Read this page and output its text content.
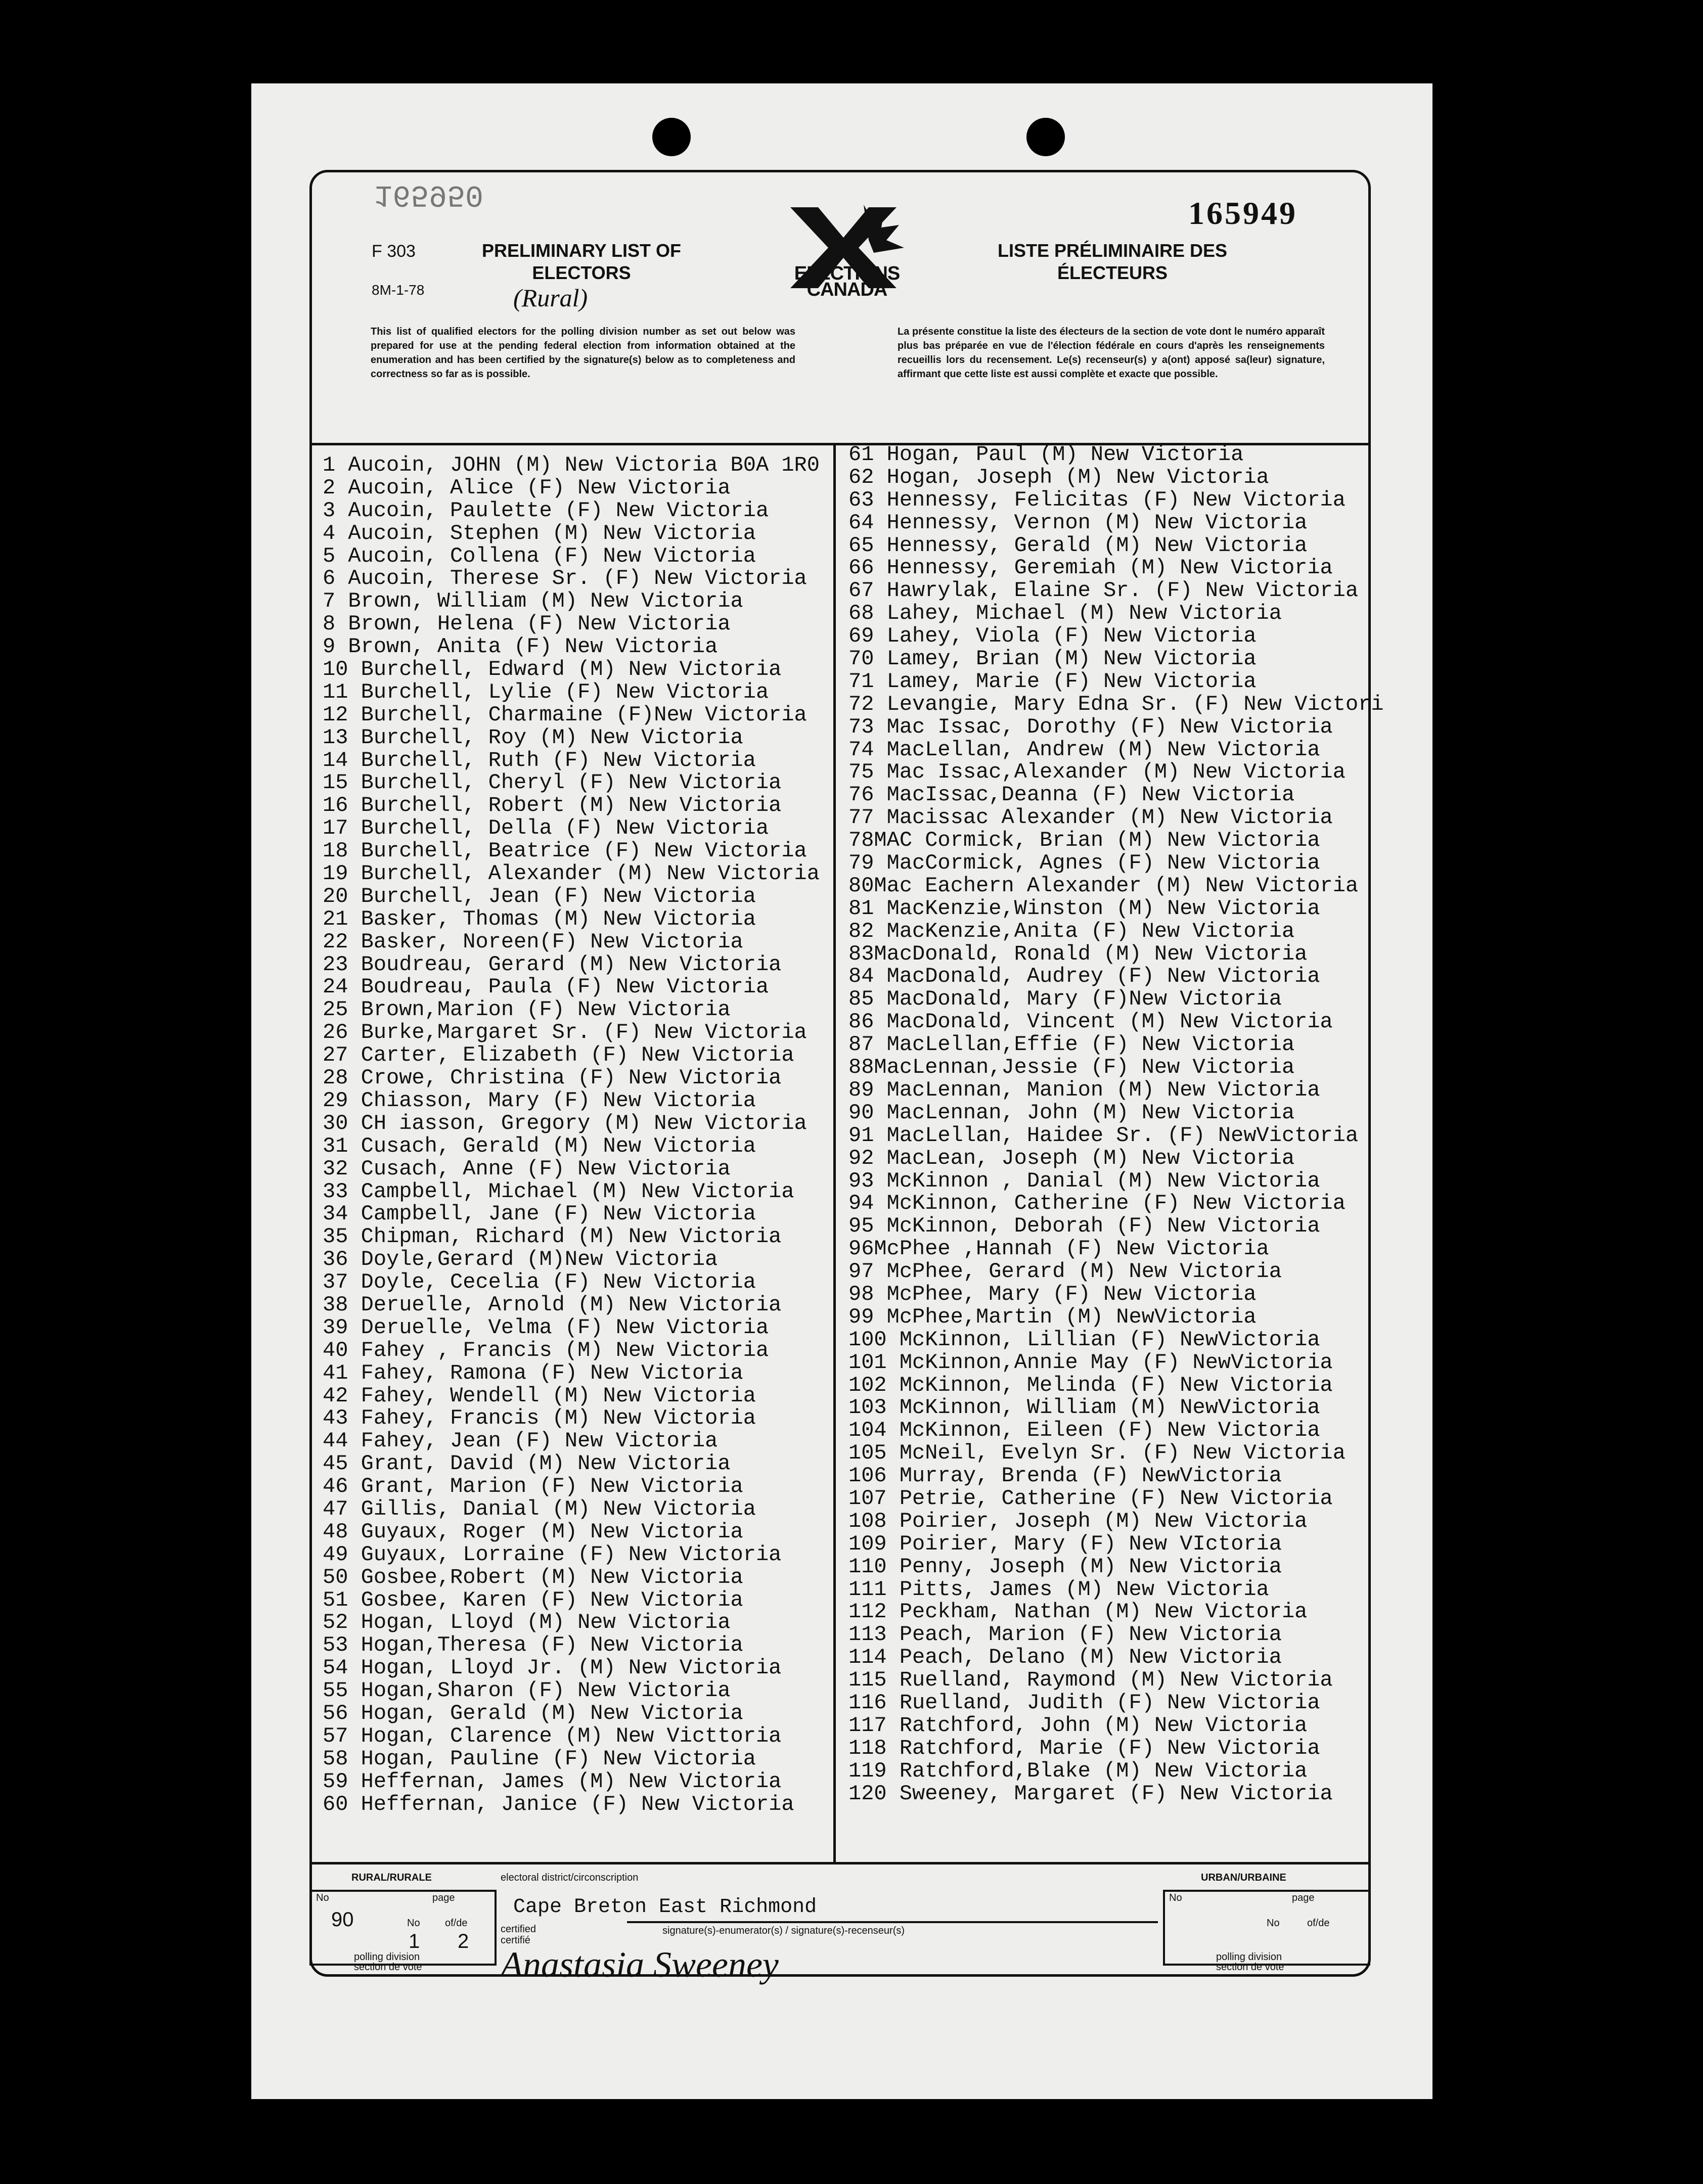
165950
165949
F 303
8M-1-78
PRELIMINARY LIST OF ELECTORS
LISTE PRÉLIMINAIRE DES ÉLECTEURS
(Rural)
ELECTIONS CANADA
This list of qualified electors for the polling division number as set out below was prepared for use at the pending federal election from information obtained at the enumeration and has been certified by the signature(s) below as to completeness and correctness so far as is possible.
La présente constitue la liste des électeurs de la section de vote dont le numéro apparaît plus bas préparée en vue de l'élection fédérale en cours d'après les renseignements recueillis lors du recensement. Le(s) recenseur(s) y a(ont) apposé sa(leur) signature, affirmant que cette liste est aussi complète et exacte que possible.
1 Aucoin, JOHN (M) New Victoria B0A 1R0
2 Aucoin, Alice (F) New Victoria
3 Aucoin, Paulette (F) New Victoria
4 Aucoin, Stephen (M) New Victoria
5 Aucoin, Collena (F) New Victoria
6 Aucoin, Therese Sr. (F) New Victoria
7 Brown, William (M) New Victoria
8 Brown, Helena (F) New Victoria
9 Brown, Anita (F) New Victoria
10 Burchell, Edward (M) New Victoria
11 Burchell, Lylie (F) New Victoria
12 Burchell, Charmaine (F)New Victoria
13 Burchell, Roy (M) New Victoria
14 Burchell, Ruth (F) New Victoria
15 Burchell, Cheryl (F) New Victoria
16 Burchell, Robert (M) New Victoria
17 Burchell, Della (F) New Victoria
18 Burchell, Beatrice (F) New Victoria
19 Burchell, Alexander (M) New Victoria
20 Burchell, Jean (F) New Victoria
21 Basker, Thomas (M) New Victoria
22 Basker, Noreen(F) New Victoria
23 Boudreau, Gerard (M) New Victoria
24 Boudreau, Paula (F) New Victoria
25 Brown,Marion (F) New Victoria
26 Burke,Margaret Sr. (F) New Victoria
27 Carter, Elizabeth (F) New Victoria
28 Crowe, Christina (F) New Victoria
29 Chiasson, Mary (F) New Victoria
30 CH iasson, Gregory (M) New Victoria
31 Cusach, Gerald (M) New Victoria
32 Cusach, Anne (F) New Victoria
33 Campbell, Michael (M) New Victoria
34 Campbell, Jane (F) New Victoria
35 Chipman, Richard (M) New Victoria
36 Doyle,Gerard (M)New Victoria
37 Doyle, Cecelia (F) New Victoria
38 Deruelle, Arnold (M) New Victoria
39 Deruelle, Velma (F) New Victoria
40 Fahey , Francis (M) New Victoria
41 Fahey, Ramona (F) New Victoria
42 Fahey, Wendell (M) New Victoria
43 Fahey, Francis (M) New Victoria
44 Fahey, Jean (F) New Victoria
45 Grant, David (M) New Victoria
46 Grant, Marion (F) New Victoria
47 Gillis, Danial (M) New Victoria
48 Guyaux, Roger (M) New Victoria
49 Guyaux, Lorraine (F) New Victoria
50 Gosbee,Robert (M) New Victoria
51 Gosbee, Karen (F) New Victoria
52 Hogan, Lloyd (M) New Victoria
53 Hogan,Theresa (F) New Victoria
54 Hogan, Lloyd Jr. (M) New Victoria
55 Hogan,Sharon (F) New Victoria
56 Hogan, Gerald (M) New Victoria
57 Hogan, Clarence (M) New Victtoria
58 Hogan, Pauline (F) New Victoria
59 Heffernan, James (M) New Victoria
60 Heffernan, Janice (F) New Victoria
61 Hogan, Paul (M) New Victoria
62 Hogan, Joseph (M) New Victoria
63 Hennessy, Felicitas (F) New Victoria
64 Hennessy, Vernon (M) New Victoria
65 Hennessy, Gerald (M) New Victoria
66 Hennessy, Geremiah (M) New Victoria
67 Hawrylak, Elaine Sr. (F) New Victoria
68 Lahey, Michael (M) New Victoria
69 Lahey, Viola (F) New Victoria
70 Lamey, Brian (M) New Victoria
71 Lamey, Marie (F) New Victoria
72 Levangie, Mary Edna Sr. (F) New Victori
73 Mac Issac, Dorothy (F) New Victoria
74 MacLellan, Andrew (M) New Victoria
75 Mac Issac,Alexander (M) New Victoria
76 MacIssac,Deanna (F) New Victoria
77 Macissac Alexander (M) New Victoria
78MAC Cormick, Brian (M) New Victoria
79 MacCormick, Agnes (F) New Victoria
80Mac Eachern Alexander (M) New Victoria
81 MacKenzie,Winston (M) New Victoria
82 MacKenzie,Anita (F) New Victoria
83MacDonald, Ronald (M) New Victoria
84 MacDonald, Audrey (F) New Victoria
85 MacDonald, Mary (F)New Victoria
86 MacDonald, Vincent (M) New Victoria
87 MacLellan,Effie (F) New Victoria
88MacLennan,Jessie (F) New Victoria
89 MacLennan, Manion (M) New Victoria
90 MacLennan, John (M) New Victoria
91 MacLellan, Haidee Sr. (F) NewVictoria
92 MacLean, Joseph (M) New Victoria
93 McKinnon , Danial (M) New Victoria
94 McKinnon, Catherine (F) New Victoria
95 McKinnon, Deborah (F) New Victoria
96McPhee ,Hannah (F) New Victoria
97 McPhee, Gerard (M) New Victoria
98 McPhee, Mary (F) New Victoria
99 McPhee,Martin (M) NewVictoria
100 McKinnon, Lillian (F) NewVictoria
101 McKinnon,Annie May (F) NewVictoria
102 McKinnon, Melinda (F) New Victoria
103 McKinnon, William (M) NewVictoria
104 McKinnon, Eileen (F) New Victoria
105 McNeil, Evelyn Sr. (F) New Victoria
106 Murray, Brenda (F) NewVictoria
107 Petrie, Catherine (F) New Victoria
108 Poirier, Joseph (M) New Victoria
109 Poirier, Mary (F) New VIctoria
110 Penny, Joseph (M) New Victoria
111 Pitts, James (M) New Victoria
112 Peckham, Nathan (M) New Victoria
113 Peach, Marion (F) New Victoria
114 Peach, Delano (M) New Victoria
115 Ruelland, Raymond (M) New Victoria
116 Ruelland, Judith (F) New Victoria
117 Ratchford, John (M) New Victoria
118 Ratchford, Marie (F) New Victoria
119 Ratchford,Blake (M) New Victoria
120 Sweeney, Margaret (F) New Victoria
RURAL/RURALE	URBAN/URBAINE
electoral district/circonscription
No	page
No of/de
90
1 2
polling division
section de vote
Cape Breton East Richmond
certified
certifié
signature(s)-enumerator(s) / signature(s)-recenseur(s)
Anastasia Sweeney
No	page
No	of/de
polling division
section de vote
